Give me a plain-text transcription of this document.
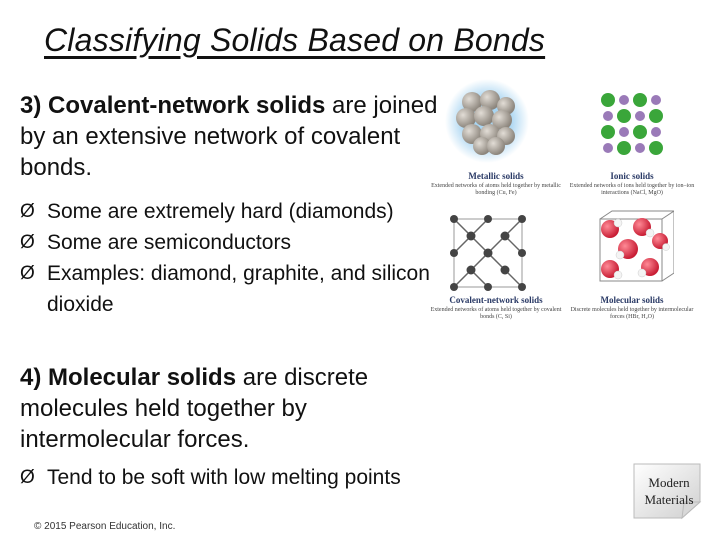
Classifying Solids Based on Bonds

3) Covalent-network solids are joined by an extensive network of covalent bonds.

Ø Some are extremely hard (diamonds)
Ø Some are semiconductors
Ø Examples: diamond, graphite, and silicon dioxide

4) Molecular solids are discrete molecules held together by intermolecular forces.

Ø Tend to be soft with low melting points
Metallic solids
Extended networks of atoms held together by metallic bonding (Cu, Fe)
Ionic solids
Extended networks of ions held together by ion–ion interactions (NaCl, MgO)
Covalent-network solids
Extended networks of atoms held together by covalent bonds (C, Si)
Molecular solids
Discrete molecules held together by intermolecular forces (HBr, H₂O)
© 2015 Pearson Education, Inc.
Modern
Materials
